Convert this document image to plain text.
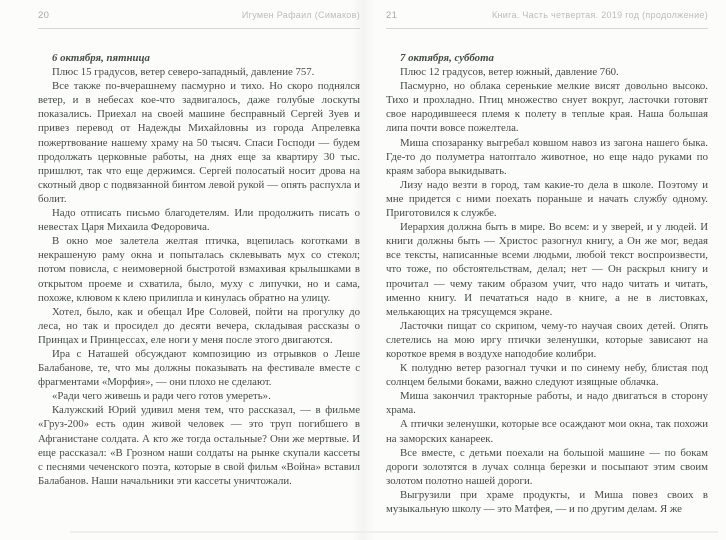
20	Игумен Рафаил (Симаков)

6 октября, пятница

Плюс 15 градусов, ветер северо-западный, давление 757.

Все также по-вчерашнему пасмурно и тихо. Но скоро поднялся ветер, и в небесах кое-что задвигалось, даже голубые лоскуты показались. Приехал на своей машине бесправный Сергей Зуев и привез перевод от Надежды Михайловны из города Апрелевка пожертвование нашему храму на 50 тысяч. Спаси Господи — будем продолжать церковные работы, на днях еще за квартиру 30 тыс. пришлют, так что еще держимся. Сергей полосатый носит дрова на скотный двор с подвязанной бинтом левой рукой — опять распухла и болит.

Надо отписать письмо благодетелям. Или продолжить писать о невестах Царя Михаила Федоровича.

В окно мое залетела желтая птичка, вцепилась коготками в некрашеную раму окна и попыталась склевывать мух со стекол; потом повисла, с неимоверной быстротой взмахивая крылышками в открытом проеме и схватила, было, муху с липучки, но и сама, похоже, клювом к клею прилипла и кинулась обратно на улицу.

Хотел, было, как и обещал Ире Соловей, пойти на прогулку до леса, но так и просидел до десяти вечера, складывая рассказы о Принцах и Принцессах, еле ноги у меня после этого двигаются.

Ира с Наташей обсуждают композицию из отрывков о Леше Балабанове, те, что мы должны показывать на фестивале вместе с фрагментами «Морфия», — они плохо не сделают.

«Ради чего живешь и ради чего готов умереть».

Калужский Юрий удивил меня тем, что рассказал, — в фильме «Груз-200» есть один живой человек — это труп погибшего в Афганистане солдата. А кто же тогда остальные? Они же мертвые. И еще рассказал: «В Грозном наши солдаты на рынке скупали кассеты с песнями чеченского поэта, которые в свой фильм «Война» вставил Балабанов. Наши начальники эти кассеты уничтожали.

21	Книга. Часть четвертая. 2019 год (продолжение)

7 октября, суббота

Плюс 12 градусов, ветер южный, давление 760.

Пасмурно, но облака серенькие мелкие висят довольно высоко. Тихо и прохладно. Птиц множество снует вокруг, ласточки готовят свое народившееся племя к полету в теплые края. Наша большая липа почти вовсе пожелтела.

Миша спозаранку выгребал ковшом навоз из загона нашего быка. Где-то до полуметра натоптало животное, но еще надо руками по краям забора выкидывать.

Лизу надо везти в город, там какие-то дела в школе. Поэтому и мне придется с ними поехать пораньше и начать службу одному. Приготовился к службе.

Иерархия должна быть в мире. Во всем: и у зверей, и у людей. И книги должны быть — Христос разогнул книгу, а Он же мог, ведая все тексты, написанные всеми людьми, любой текст воспроизвести, что тоже, по обстоятельствам, делал; нет — Он раскрыл книгу и прочитал — чему таким образом учит, что надо читать и читать, именно книгу. И печататься надо в книге, а не в листовках, мелькающих на трясущемся экране.

Ласточки пищат со скрипом, чему-то научая своих детей. Опять слетелись на мою иргу птички зеленушки, которые зависают на короткое время в воздухе наподобие колибри.

К полудню ветер разогнал тучки и по синему небу, блистая под солнцем белыми боками, важно следуют изящные облачка.

Миша закончил тракторные работы, и надо двигаться в сторону храма.

А птички зеленушки, которые все осаждают мои окна, так похожи на заморских канареек.

Все вместе, с детьми поехали на большой машине — по бокам дороги золотятся в лучах солнца березки и посыпают этим своим золотом полотно нашей дороги.

Выгрузили при храме продукты, и Миша повез своих в музыкальную школу — это Матфея, — и по другим делам. Я же
